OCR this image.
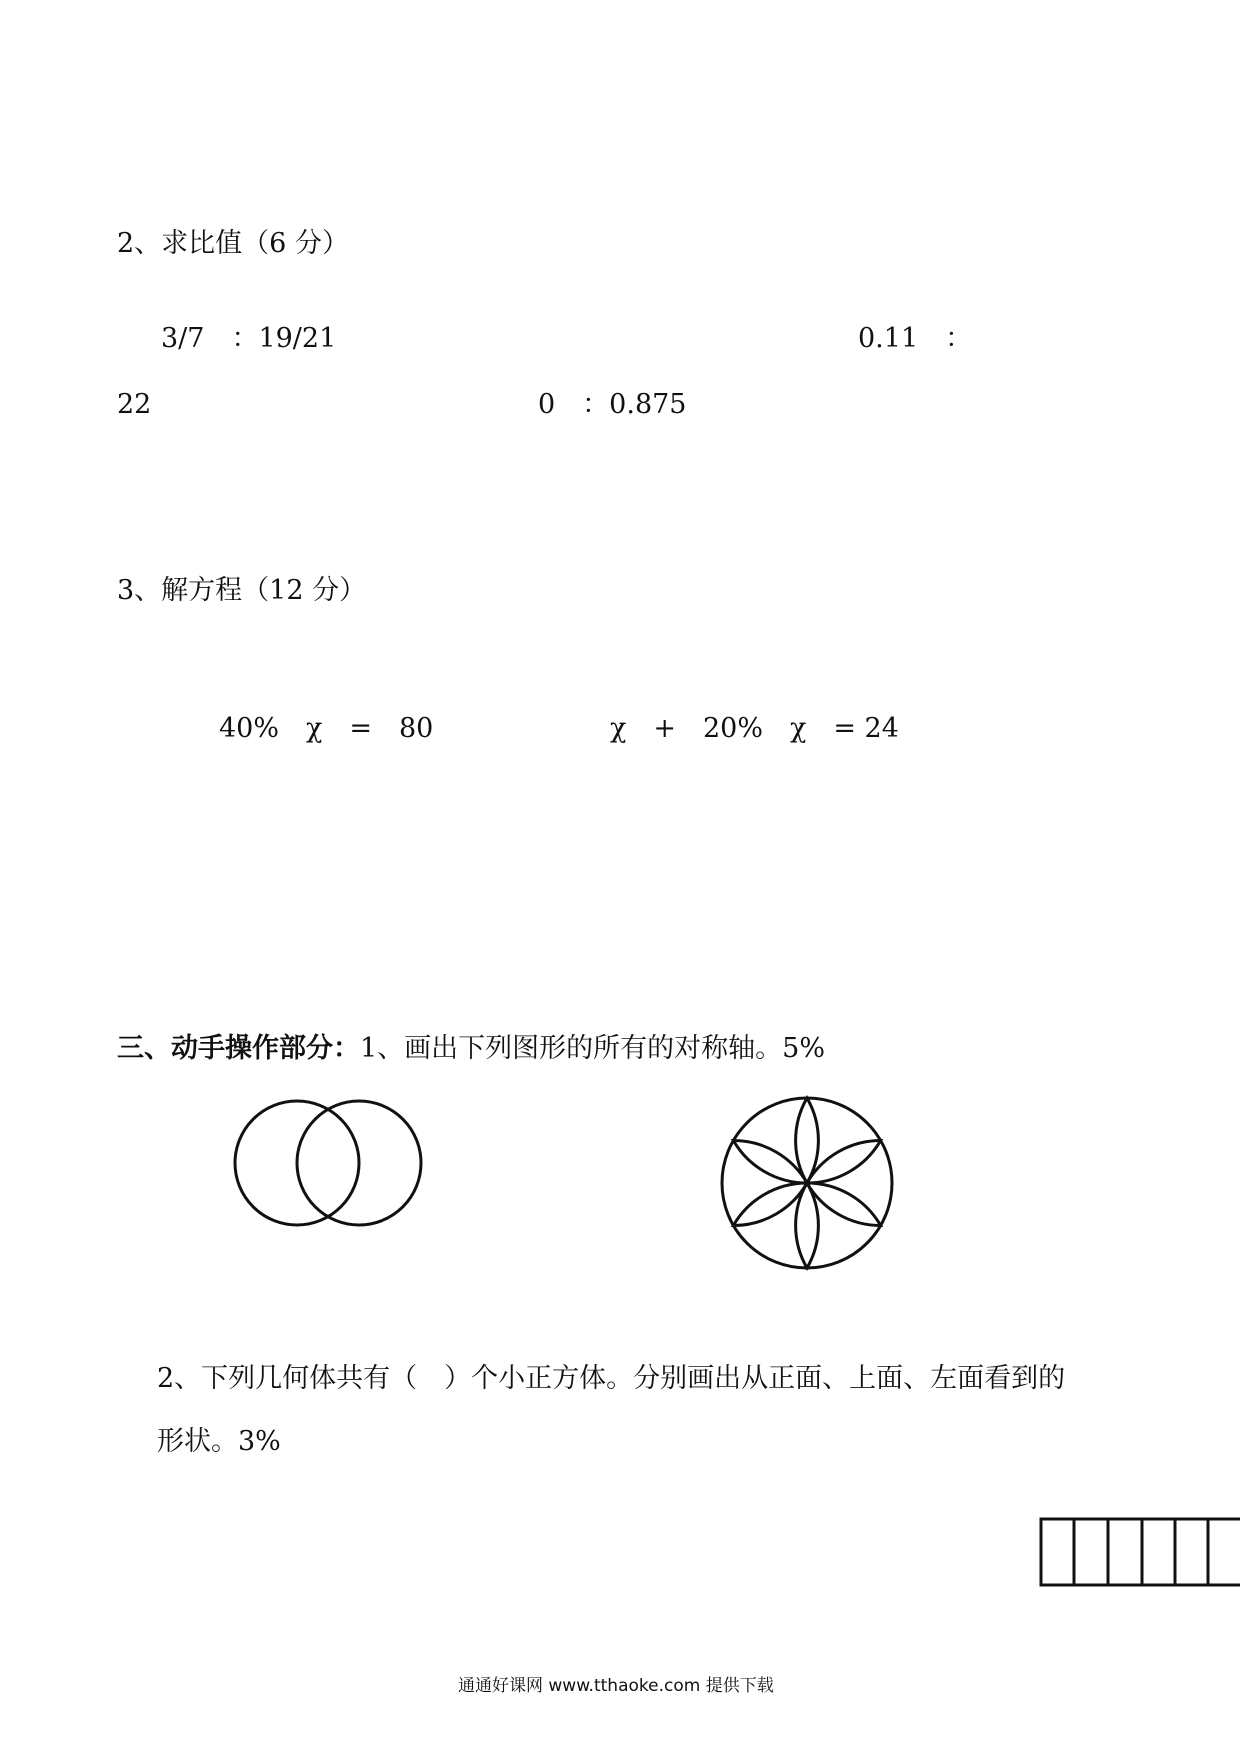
2、求比值（6 分）
3/7　：19/21	0.11　：
22	0　：0.875
3、解方程（12 分）
40%　χ　=　80	χ　+　20%　χ　= 24
三、动手操作部分：1、画出下列图形的所有的对称轴。5%
2、下列几何体共有（　）个小正方体。分别画出从正面、上面、左面看到的
形状。3%
通通好课网 www.tthaoke.com 提供下载
